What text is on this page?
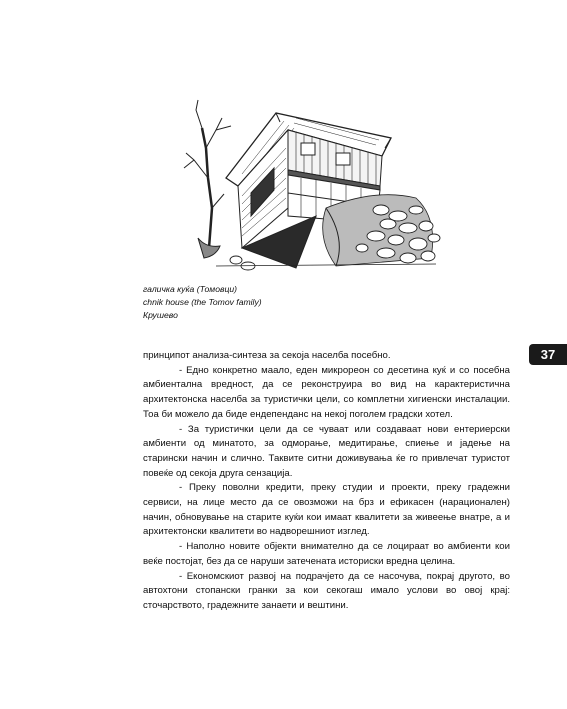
галичка куќа (Томовци)
chnik house (the Tomov family)
Крушево
37

принципот анализа-синтеза за секоја населба посебно.

- Едно конкретно маало, еден микрорeон со десетина куќ и со посебна амбиентална вредност, да се реконструира во вид на карактеристична архитектонска населба за туристички цели, со комплетни хигиенски инсталации. Тоа би можело да биде ендепенданс на некој поголем градски хотел.

- За туристички цели да се чуваат или создаваат нови ентериерски амбиенти од минатото, за одморање, медитирање, спиење и јадење на старински начин и слично. Таквите ситни доживувања ќе го привлечат туристот повеќе од секоја друга сензација.

- Преку поволни кредити, преку студии и проекти, преку градежни сервиси, на лице место да се овозможи на брз и ефикасен (нарационален) начин, обновување на старите куќи кои имаат квалитети за живеење внатре, а и архитектонски квалитети во надворешниот изглед.

- Наполно новите објекти внимателно да се лоцираат во амбиенти кои веќе постојат, без да се наруши затечената историски вредна целина.

- Економскиот развој на подрачјето да се насочува, покрај другото, во автохтони стопански гранки за кои секогаш имало услови во овој крај: сточарството, градежните занаети и вештини.
